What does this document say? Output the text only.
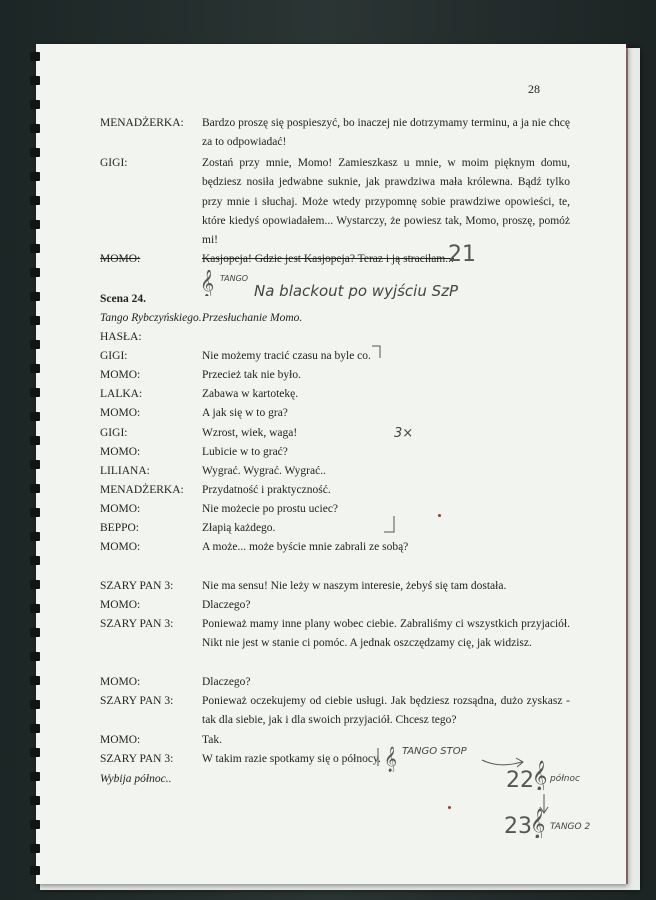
28
MENADŻERKA: Bardzo proszę się pospieszyć, bo inaczej nie dotrzymamy terminu, a ja nie chcę za to odpowiadać!
GIGI:	Zostań przy mnie, Momo! Zamieszkasz u mnie, w moim pięknym domu, będziesz nosiła jedwabne suknie, jak prawdziwa mała królewna. Bądź tylko przy mnie i słuchaj. Może wtedy przypomnę sobie prawdziwe opowieści, te, które kiedyś opowiadałem... Wystarczy, że powiesz tak, Momo, proszę, pomóż mi!
MOMO:	Kasjopeja! Gdzie jest Kasjopeja? Teraz i ją straciłam...
Scena 24.
Tango Rybczyńskiego. Przesłuchanie Momo.
HASŁA:
GIGI:	Nie możemy tracić czasu na byle co.
MOMO:	Przecież tak nie było.
LALKA:	Zabawa w kartotekę.
MOMO:	A jak się w to gra?
GIGI:	Wzrost, wiek, waga!
MOMO:	Lubicie w to grać?
LILIANA:	Wygrać. Wygrać. Wygrać..
MENADŻERKA: Przydatność i praktyczność.
MOMO:	Nie możecie po prostu uciec?
BEPPO:	Złapią każdego.
MOMO:	A może... może byście mnie zabrali ze sobą?
SZARY PAN 3: Nie ma sensu! Nie leży w naszym interesie, żebyś się tam dostała.
MOMO:	Dlaczego?
SZARY PAN 3: Ponieważ mamy inne plany wobec ciebie. Zabraliśmy ci wszystkich przyjaciół. Nikt nie jest w stanie ci pomóc. A jednak oszczędzamy cię, jak widzisz.
MOMO:	Dlaczego?
SZARY PAN 3: Ponieważ oczekujemy od ciebie usługi. Jak będziesz rozsądna, dużo zyskasz - tak dla siebie, jak i dla swoich przyjaciół. Chcesz tego?
MOMO:	Tak.
SZARY PAN 3: W takim razie spotkamy się o północy.
Wybija północ..
21
𝄞 TANGO
Na blackout po wyjściu SzP
3×
𝄞 TANGO STOP
22
𝄞 północ
23
𝄞 TANGO 2
